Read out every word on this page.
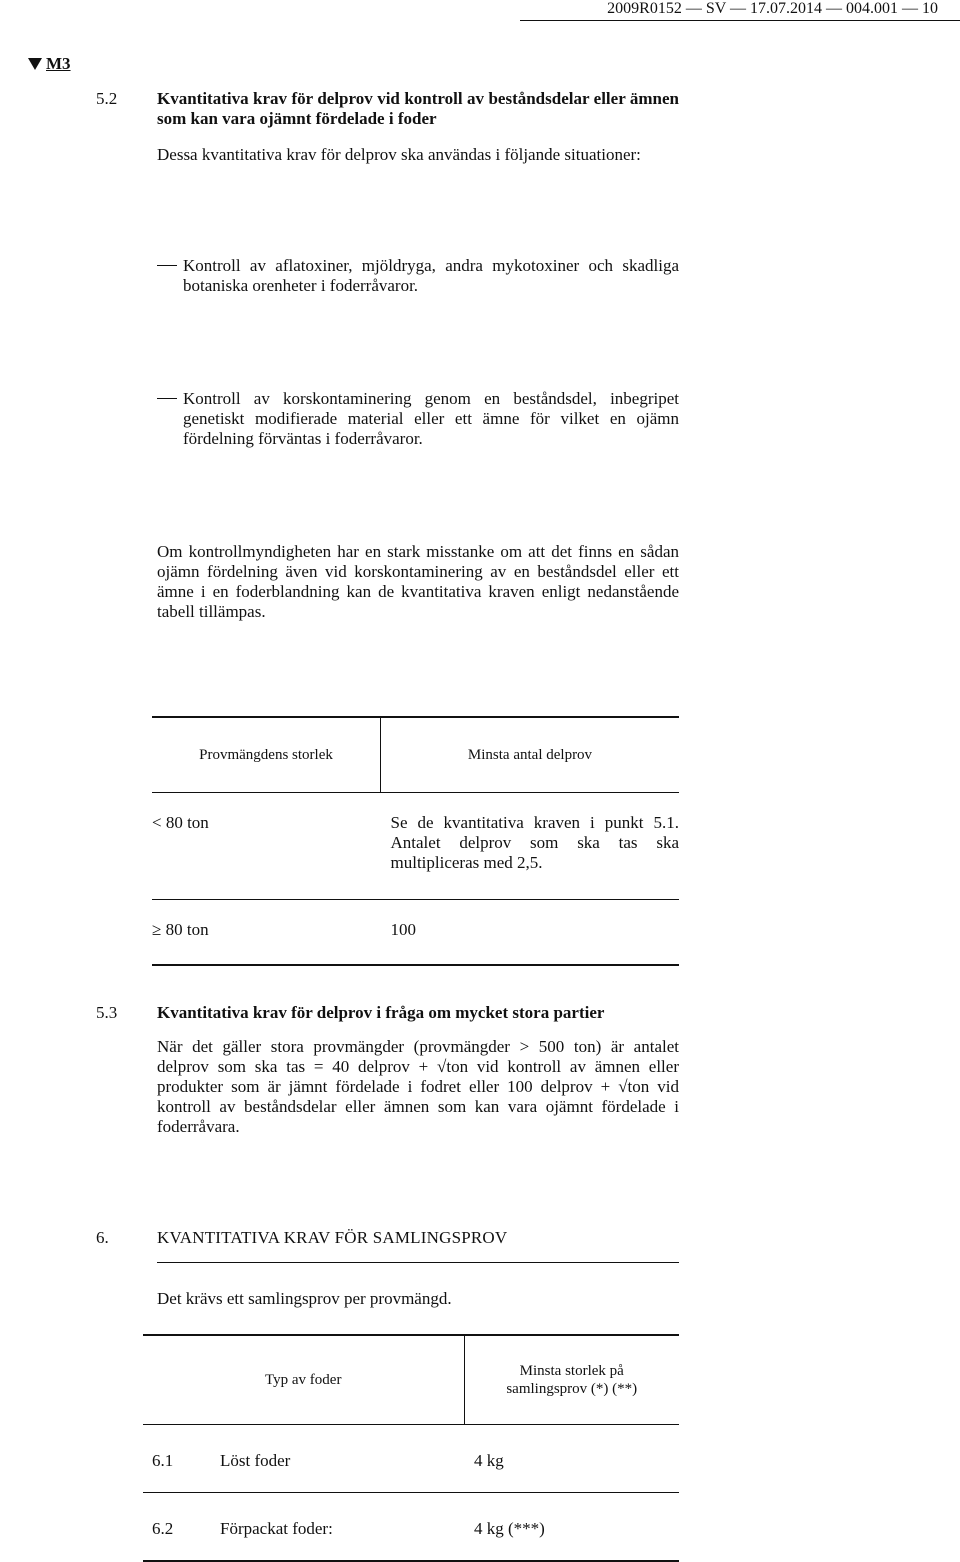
2009R0152 — SV — 17.07.2014 — 004.001 — 10
M3
5.2 Kvantitativa krav för delprov vid kontroll av beståndsdelar eller ämnen som kan vara ojämnt fördelade i foder
Dessa kvantitativa krav för delprov ska användas i följande situationer:
Kontroll av aflatoxiner, mjöldryga, andra mykotoxiner och skadliga botaniska orenheter i foderråvaror.
Kontroll av korskontaminering genom en beståndsdel, inbegripet genetiskt modifierade material eller ett ämne för vilket en ojämn fördelning förväntas i foderråvaror.
Om kontrollmyndigheten har en stark misstanke om att det finns en sådan ojämn fördelning även vid korskontaminering av en beståndsdel eller ett ämne i en foderblandning kan de kvantitativa kraven enligt nedanstående tabell tillämpas.
Provmängdens storlek	Minsta antal delprov
< 80 ton	Se de kvantitativa kraven i punkt 5.1. Antalet delprov som ska tas ska multipliceras med 2,5.
≥ 80 ton	100
5.3 Kvantitativa krav för delprov i fråga om mycket stora partier
När det gäller stora provmängder (provmängder > 500 ton) är antalet delprov som ska tas = 40 delprov + √ton vid kontroll av ämnen eller produkter som är jämnt fördelade i fodret eller 100 delprov + √ton vid kontroll av beståndsdelar eller ämnen som kan vara ojämnt fördelade i foderråvara.
6.	KVANTITATIVA KRAV FÖR SAMLINGSPROV
Det krävs ett samlingsprov per provmängd.
Typ av foder		Minsta storlek på samlingsprov (*) (**)
6.1	Löst foder	4 kg
6.2	Förpackat foder:	4 kg (***)
